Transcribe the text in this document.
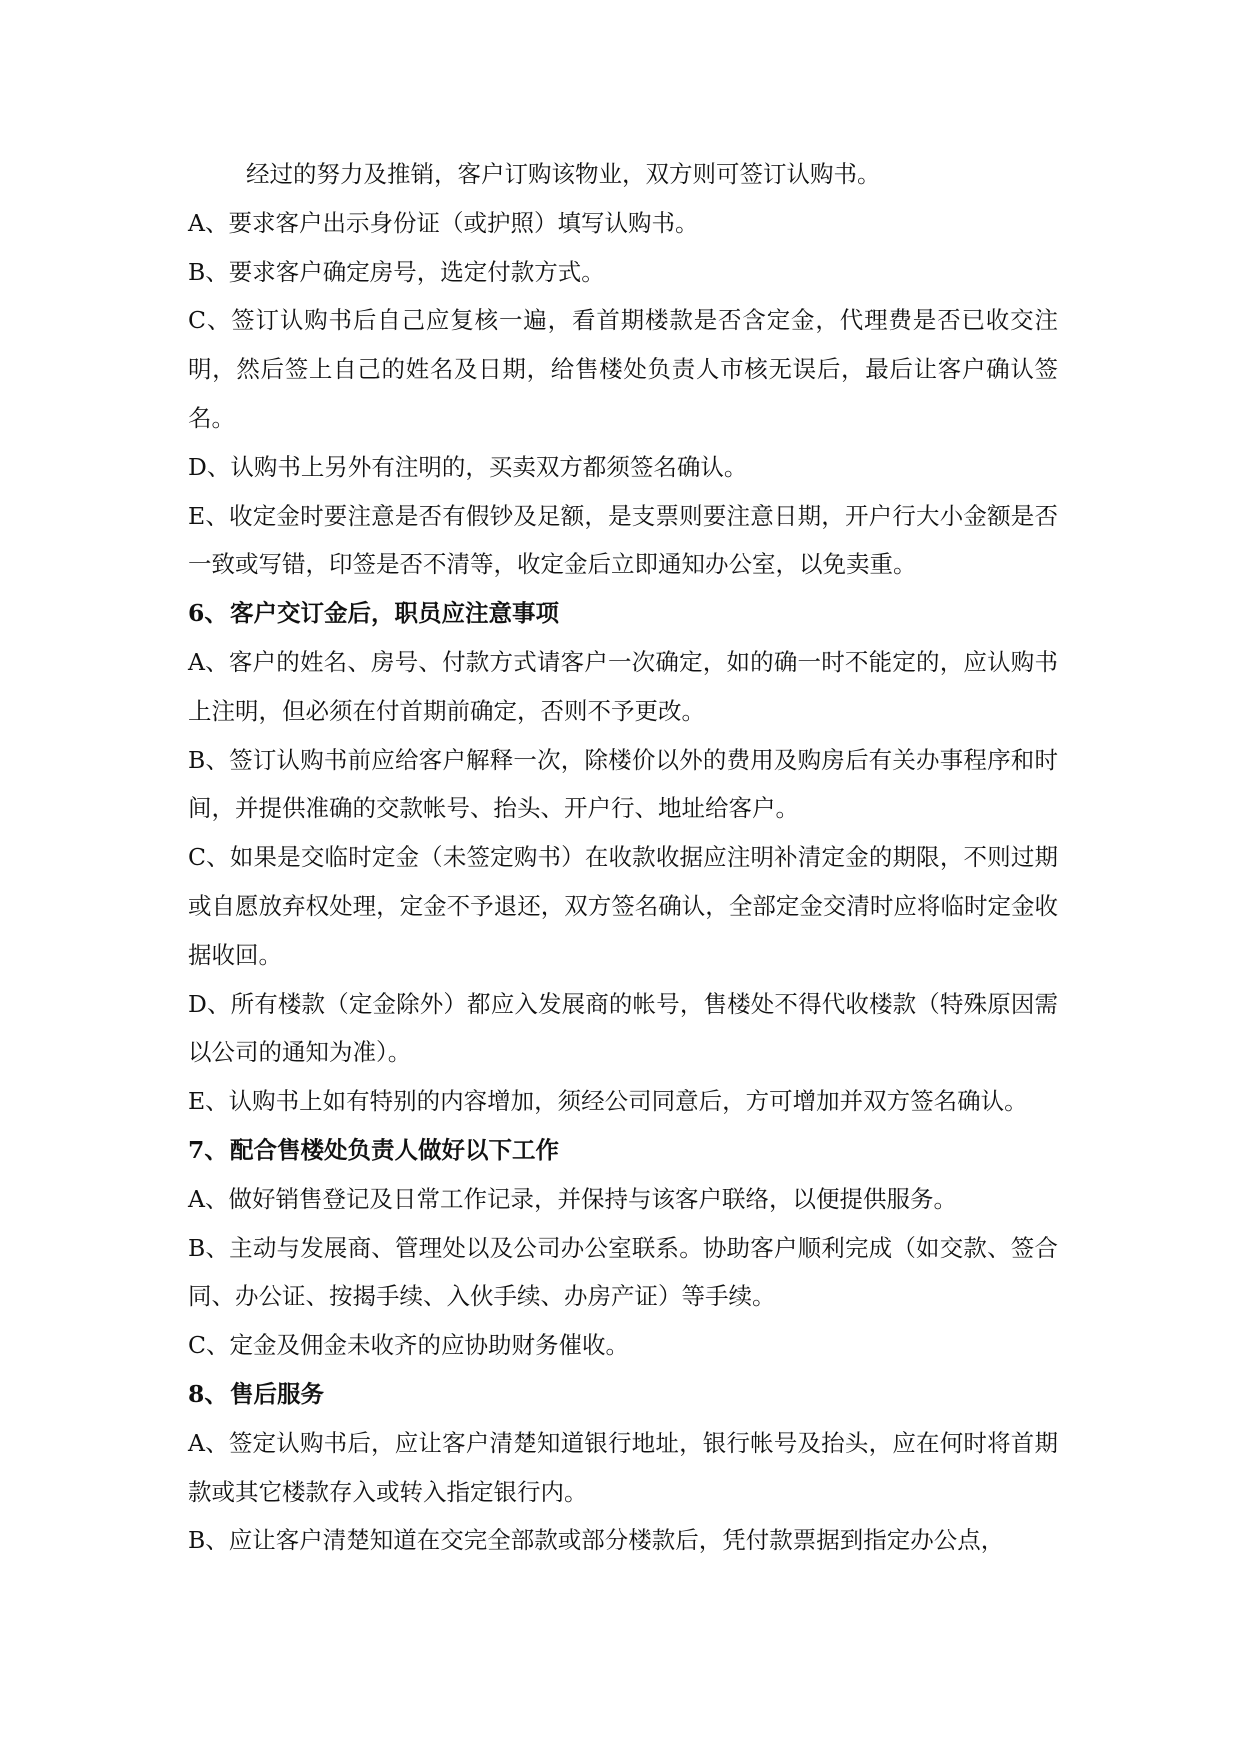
经过的努力及推销，客户订购该物业，双方则可签订认购书。

A、要求客户出示身份证（或护照）填写认购书。

B、要求客户确定房号，选定付款方式。

C、签订认购书后自己应复核一遍，看首期楼款是否含定金，代理费是否已收交注明，然后签上自己的姓名及日期，给售楼处负责人市核无误后，最后让客户确认签名。

D、认购书上另外有注明的，买卖双方都须签名确认。

E、收定金时要注意是否有假钞及足额，是支票则要注意日期，开户行大小金额是否一致或写错，印签是否不清等，收定金后立即通知办公室，以免卖重。

6、客户交订金后，职员应注意事项

A、客户的姓名、房号、付款方式请客户一次确定，如的确一时不能定的，应认购书上注明，但必须在付首期前确定，否则不予更改。

B、签订认购书前应给客户解释一次，除楼价以外的费用及购房后有关办事程序和时间，并提供准确的交款帐号、抬头、开户行、地址给客户。

C、如果是交临时定金（未签定购书）在收款收据应注明补清定金的期限，不则过期或自愿放弃权处理，定金不予退还，双方签名确认，全部定金交清时应将临时定金收据收回。

D、所有楼款（定金除外）都应入发展商的帐号，售楼处不得代收楼款（特殊原因需以公司的通知为准）。

E、认购书上如有特别的内容增加，须经公司同意后，方可增加并双方签名确认。

7、配合售楼处负责人做好以下工作

A、做好销售登记及日常工作记录，并保持与该客户联络，以便提供服务。

B、主动与发展商、管理处以及公司办公室联系。协助客户顺利完成（如交款、签合同、办公证、按揭手续、入伙手续、办房产证）等手续。

C、定金及佣金未收齐的应协助财务催收。

8、售后服务

A、签定认购书后，应让客户清楚知道银行地址，银行帐号及抬头，应在何时将首期款或其它楼款存入或转入指定银行内。

B、应让客户清楚知道在交完全部款或部分楼款后，凭付款票据到指定办公点，
